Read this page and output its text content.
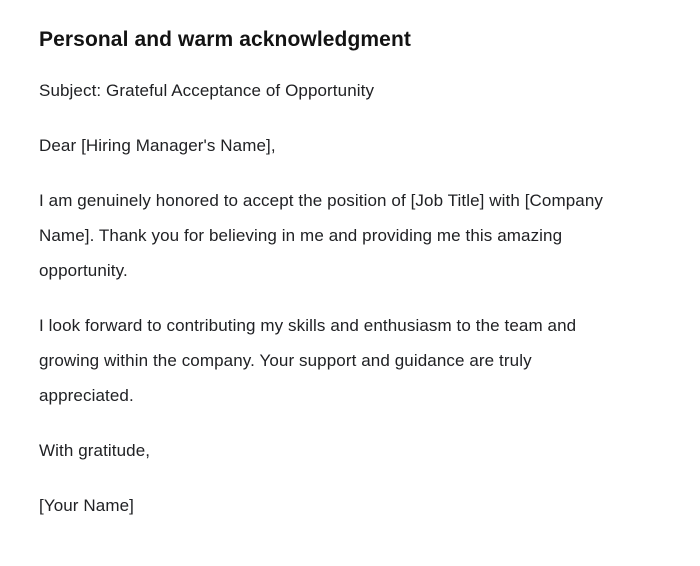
Personal and warm acknowledgment

Subject: Grateful Acceptance of Opportunity

Dear [Hiring Manager's Name],

I am genuinely honored to accept the position of [Job Title] with [Company Name]. Thank you for believing in me and providing me this amazing opportunity.

I look forward to contributing my skills and enthusiasm to the team and growing within the company. Your support and guidance are truly appreciated.

With gratitude,

[Your Name]
